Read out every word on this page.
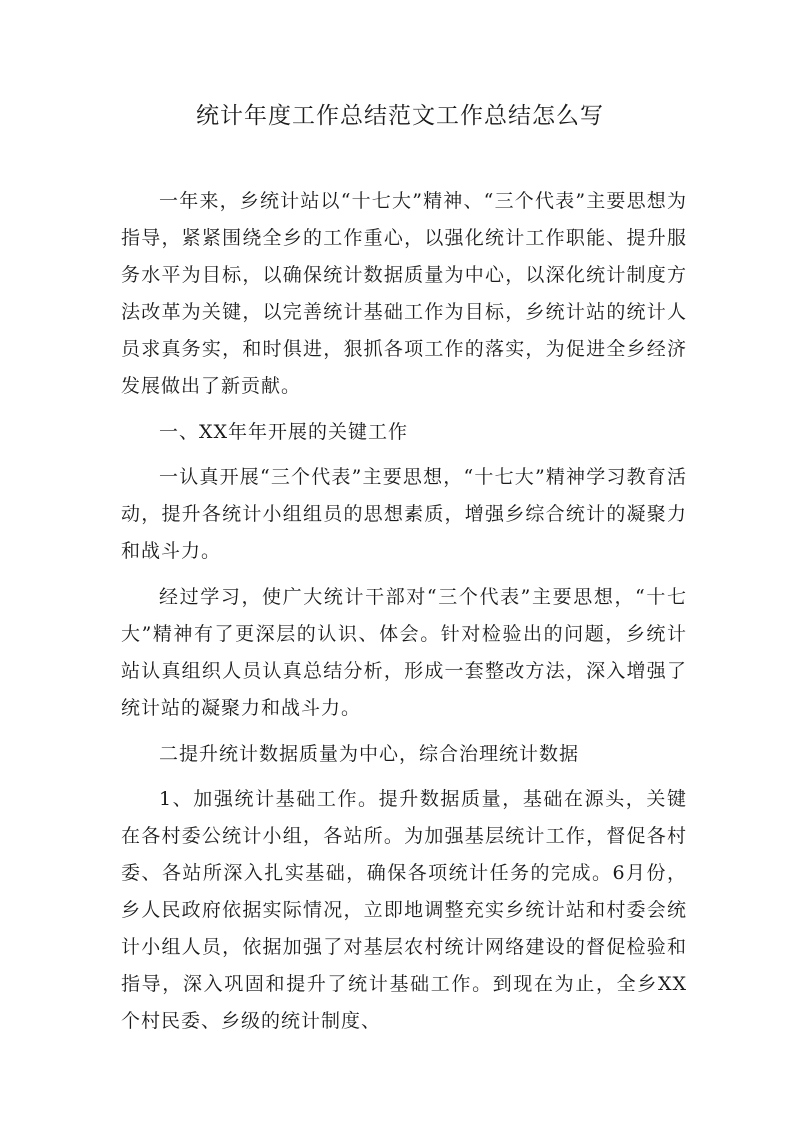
统计年度工作总结范文工作总结怎么写

一年来，乡统计站以“十七大”精神、“三个代表”主要思想为指导，紧紧围绕全乡的工作重心，以强化统计工作职能、提升服务水平为目标，以确保统计数据质量为中心，以深化统计制度方法改革为关键，以完善统计基础工作为目标，乡统计站的统计人员求真务实，和时俱进，狠抓各项工作的落实，为促进全乡经济发展做出了新贡献。

一、XX年年开展的关键工作

一认真开展“三个代表”主要思想，“十七大”精神学习教育活动，提升各统计小组组员的思想素质，增强乡综合统计的凝聚力和战斗力。

经过学习，使广大统计干部对“三个代表”主要思想，“十七大”精神有了更深层的认识、体会。针对检验出的问题，乡统计站认真组织人员认真总结分析，形成一套整改方法，深入增强了统计站的凝聚力和战斗力。

二提升统计数据质量为中心，综合治理统计数据

1、加强统计基础工作。提升数据质量，基础在源头，关键在各村委公统计小组，各站所。为加强基层统计工作，督促各村委、各站所深入扎实基础，确保各项统计任务的完成。6月份，乡人民政府依据实际情况，立即地调整充实乡统计站和村委会统计小组人员，依据加强了对基层农村统计网络建设的督促检验和指导，深入巩固和提升了统计基础工作。到现在为止，全乡XX个村民委、乡级的统计制度、
